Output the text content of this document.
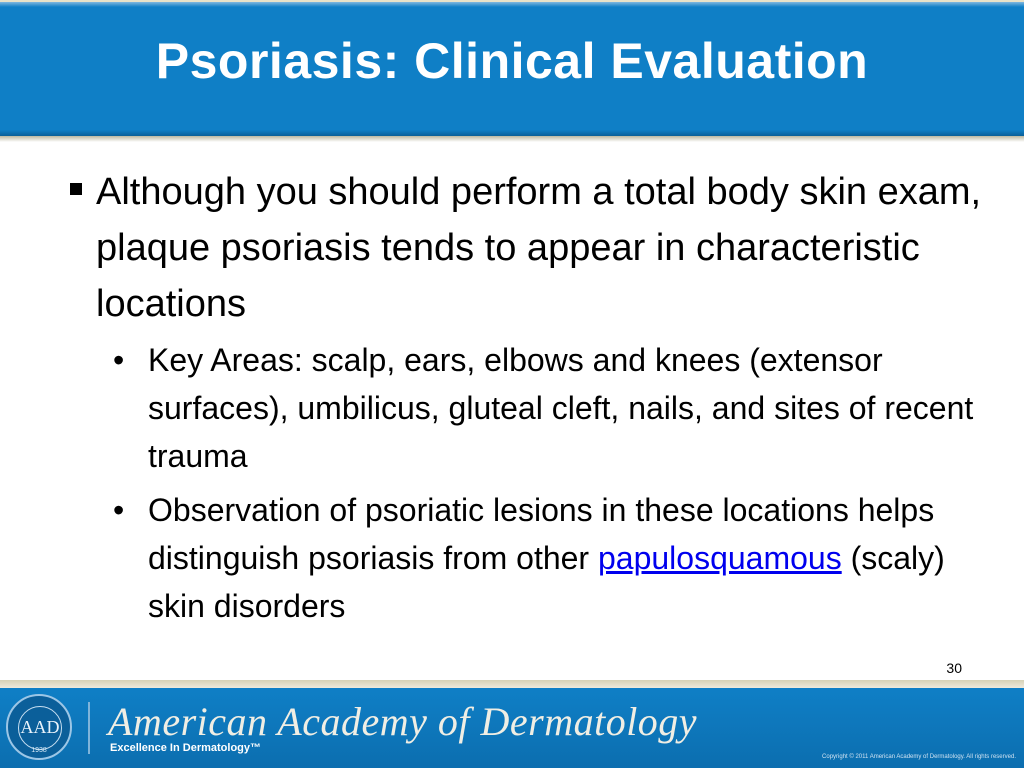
Psoriasis: Clinical Evaluation
Although you should perform a total body skin exam, plaque psoriasis tends to appear in characteristic locations
• Key Areas: scalp, ears, elbows and knees (extensor surfaces), umbilicus, gluteal cleft, nails, and sites of recent trauma
• Observation of psoriatic lesions in these locations helps distinguish psoriasis from other papulosquamous (scaly) skin disorders
30
AAD
1938
American Academy of Dermatology
Excellence In Dermatology™
Copyright © 2011 American Academy of Dermatology. All rights reserved.
